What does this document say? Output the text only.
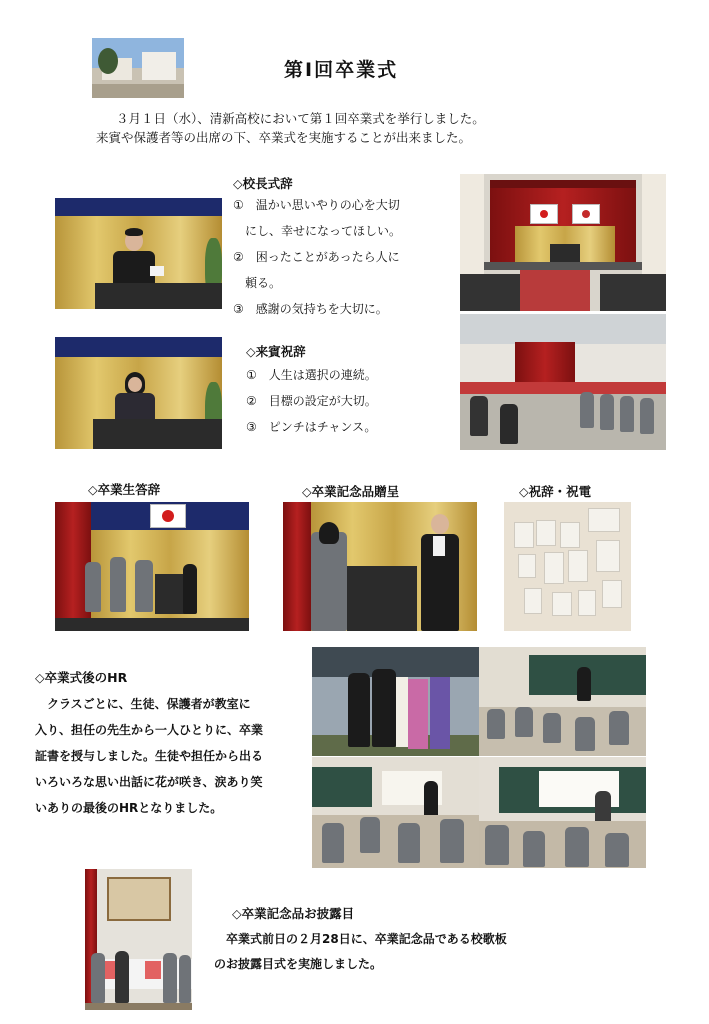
第Ⅰ回卒業式
３月１日（水）、清新高校において第１回卒業式を挙行しました。
来賓や保護者等の出席の下、卒業式を実施することが出来ました。
◇校長式辞
①　温かい思いやりの心を大切
　にし、幸せになってほしい。
②　困ったことがあったら人に
　頼る。
③　感謝の気持ちを大切に。
◇来賓祝辞
①　人生は選択の連続。
②　目標の設定が大切。
③　ピンチはチャンス。
◇卒業生答辞	◇卒業記念品贈呈	◇祝辞・祝電
◇卒業式後のHR
　クラスごとに、生徒、保護者が教室に
入り、担任の先生から一人ひとりに、卒業
証書を授与しました。生徒や担任から出る
いろいろな思い出話に花が咲き、涙あり笑
いありの最後のHRとなりました。
◇卒業記念品お披露目
　卒業式前日の２月28日に、卒業記念品である校歌板
のお披露目式を実施しました。
